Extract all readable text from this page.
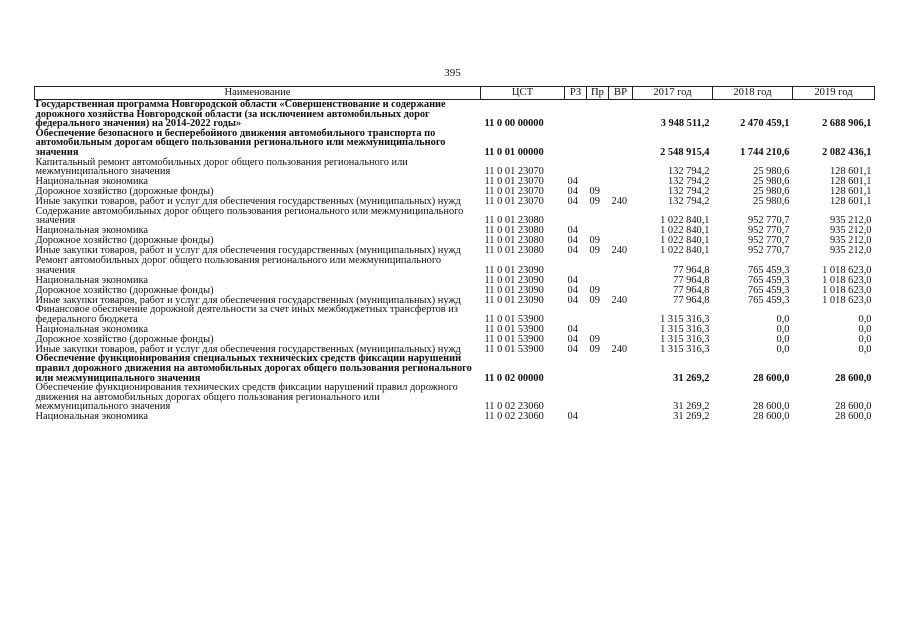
395
Наименование	ЦСТ	РЗ	Пр	ВР	2017 год	2018 год	2019 год
Государственная программа Новгородской области «Совершенствование и содержание дорожного хозяйства Новгородской области (за исключением автомобильных дорог федерального значения) на 2014-2022 годы»	11 0 00 00000				3 948 511,2	2 470 459,1	2 688 906,1
Обеспечение безопасного и бесперебойного движения автомобильного транспорта по автомобильным дорогам общего пользования регионального или межмуниципального значения	11 0 01 00000				2 548 915,4	1 744 210,6	2 082 436,1
Капитальный ремонт автомобильных дорог общего пользования регионального или межмуниципального значения	11 0 01 23070				132 794,2	25 980,6	128 601,1
Национальная экономика	11 0 01 23070	04			132 794,2	25 980,6	128 601,1
Дорожное хозяйство (дорожные фонды)	11 0 01 23070	04	09		132 794,2	25 980,6	128 601,1
Иные закупки товаров, работ и услуг для обеспечения государственных (муниципальных) нужд	11 0 01 23070	04	09	240	132 794,2	25 980,6	128 601,1
Содержание автомобильных дорог общего пользования регионального или межмуниципального значения	11 0 01 23080				1 022 840,1	952 770,7	935 212,0
Национальная экономика	11 0 01 23080	04			1 022 840,1	952 770,7	935 212,0
Дорожное хозяйство (дорожные фонды)	11 0 01 23080	04	09		1 022 840,1	952 770,7	935 212,0
Иные закупки товаров, работ и услуг для обеспечения государственных (муниципальных) нужд	11 0 01 23080	04	09	240	1 022 840,1	952 770,7	935 212,0
Ремонт автомобильных дорог общего пользования регионального или межмуниципального значения	11 0 01 23090				77 964,8	765 459,3	1 018 623,0
Национальная экономика	11 0 01 23090	04			77 964,8	765 459,3	1 018 623,0
Дорожное хозяйство (дорожные фонды)	11 0 01 23090	04	09		77 964,8	765 459,3	1 018 623,0
Иные закупки товаров, работ и услуг для обеспечения государственных (муниципальных) нужд	11 0 01 23090	04	09	240	77 964,8	765 459,3	1 018 623,0
Финансовое обеспечение дорожной деятельности за счет иных межбюджетных трансфертов из федерального бюджета	11 0 01 53900				1 315 316,3	0,0	0,0
Национальная экономика	11 0 01 53900	04			1 315 316,3	0,0	0,0
Дорожное хозяйство (дорожные фонды)	11 0 01 53900	04	09		1 315 316,3	0,0	0,0
Иные закупки товаров, работ и услуг для обеспечения государственных (муниципальных) нужд	11 0 01 53900	04	09	240	1 315 316,3	0,0	0,0
Обеспечение функционирования специальных технических средств фиксации нарушений правил дорожного движения на автомобильных дорогах общего пользования регионального или межмуниципального значения	11 0 02 00000				31 269,2	28 600,0	28 600,0
Обеспечение функционирования технических средств фиксации нарушений правил дорожного движения на автомобильных дорогах общего пользования регионального или межмуниципального значения	11 0 02 23060				31 269,2	28 600,0	28 600,0
Национальная экономика	11 0 02 23060	04			31 269,2	28 600,0	28 600,0
